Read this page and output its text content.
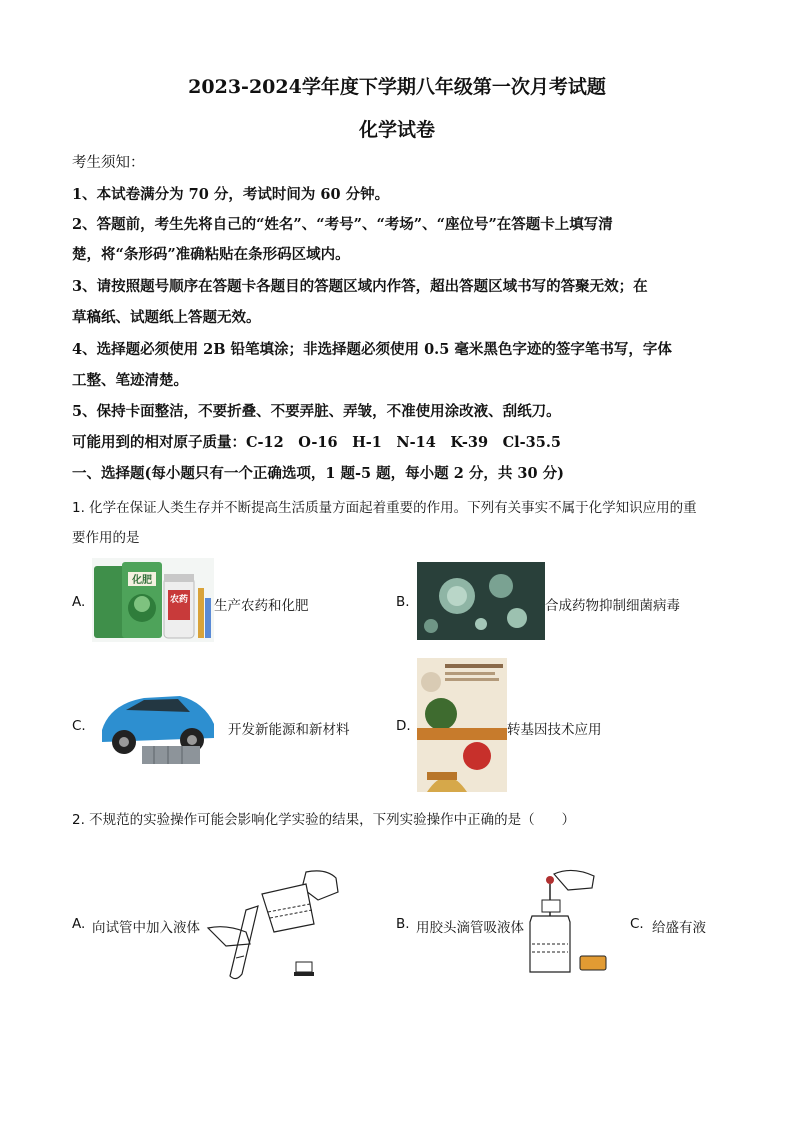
2023-2024学年度下学期八年级第一次月考试题
化学试卷
考生须知：
1、本试卷满分为 70 分，考试时间为 60 分钟。
2、答题前，考生先将自己的“姓名”、“考号”、“考场”、“座位号”在答题卡上填写清
楚，将“条形码”准确粘贴在条形码区域内。
3、请按照题号顺序在答题卡各题目的答题区域内作答，超出答题区域书写的答聚无效；在
草稿纸、试题纸上答题无效。
4、选择题必须使用 2B 铅笔填涂；非选择题必须使用 0.5 毫米黑色字迹的签字笔书写，字体
工整、笔迹清楚。
5、保持卡面整洁，不要折叠、不要弄脏、弄皱，不准使用涂改液、刮纸刀。
可能用到的相对原子质量：C-12　O-16　H-1　N-14　K-39　Cl-35.5
一、选择题(每小题只有一个正确选项，1 题-5 题，每小题 2 分，共 30 分)
1. 化学在保证人类生存并不断提高生活质量方面起着重要的作用。下列有关事实不属于化学知识应用的重
要作用的是
A.
化肥
农药 生产农药和化肥	B.	合成药物抑制细菌病毒
C.	开发新能源和新材料	D.	转基因技术应用
2. 不规范的实验操作可能会影响化学实验的结果，下列实验操作中正确的是（　　）
A. 向试管中加入液体	B. 用胶头滴管吸液体	C. 给盛有液
